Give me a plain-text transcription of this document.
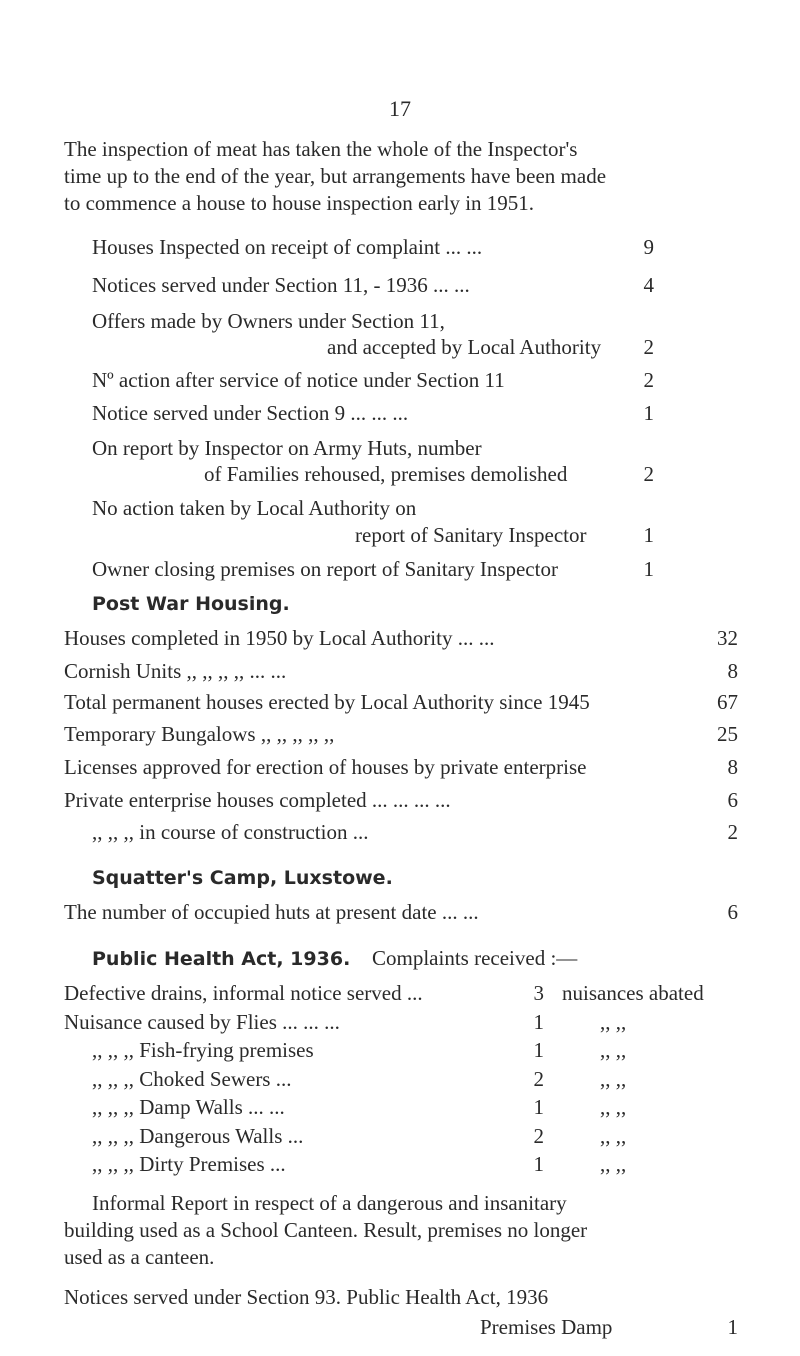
17
The inspection of meat has taken the whole of the Inspector's
time up to the end of the year, but arrangements have been made
to commence a house to house inspection early in 1951.
Houses Inspected on receipt of complaint ... ...	9
Notices served under Section 11, - 1936 ... ...	4
Offers made by Owners under Section 11,
and accepted by Local Authority	2
Nº action after service of notice under Section 11	2
Notice served under Section 9 ... ... ...	1
On report by Inspector on Army Huts, number
of Families rehoused, premises demolished	2
No action taken by Local Authority on
report of Sanitary Inspector	1
Owner closing premises on report of Sanitary Inspector	1
Post War Housing.
Houses completed in 1950 by Local Authority ... ...	32
Cornish Units ,, ,, ,, ,, ... ...	8
Total permanent houses erected by Local Authority since 1945	67
Temporary Bungalows ,, ,, ,, ,, ,,	25
Licenses approved for erection of houses by private enterprise	8
Private enterprise houses completed ... ... ... ...	6
,, ,, ,, in course of construction ...	2
Squatter's Camp, Luxstowe.
The number of occupied huts at present date ... ...	6
Public Health Act, 1936. Complaints received :—
Defective drains, informal notice served ...	3 nuisances abated
Nuisance caused by Flies ... ... ...	1	,, ,,
,, ,, ,, Fish-frying premises	1	,, ,,
,, ,, ,, Choked Sewers ...	2	,, ,,
,, ,, ,, Damp Walls ... ...	1	,, ,,
,, ,, ,, Dangerous Walls ...	2	,, ,,
,, ,, ,, Dirty Premises ...	1	,, ,,
Informal Report in respect of a dangerous and insanitary
building used as a School Canteen. Result, premises no longer
used as a canteen.
Notices served under Section 93. Public Health Act, 1936
Premises Damp	1
